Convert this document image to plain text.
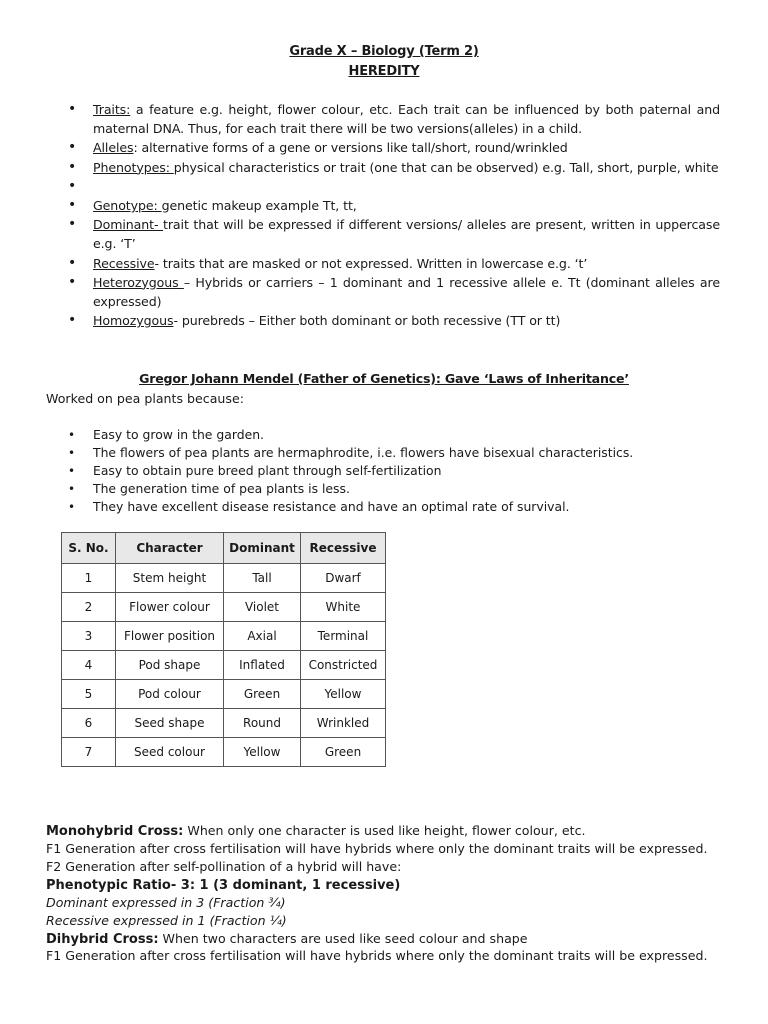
Grade X – Biology (Term 2)
HEREDITY
• Traits: a feature e.g. height, flower colour, etc. Each trait can be influenced by both paternal and maternal DNA. Thus, for each trait there will be two versions(alleles) in a child.
• Alleles: alternative forms of a gene or versions like tall/short, round/wrinkled
• Phenotypes: physical characteristics or trait (one that can be observed) e.g. Tall, short, purple, white
•
• Genotype: genetic makeup example Tt, tt,
• Dominant- trait that will be expressed if different versions/ alleles are present, written in uppercase e.g. ‘T’
• Recessive- traits that are masked or not expressed. Written in lowercase e.g. ‘t’
• Heterozygous – Hybrids or carriers – 1 dominant and 1 recessive allele e. Tt (dominant alleles are expressed)
• Homozygous- purebreds – Either both dominant or both recessive (TT or tt)
Gregor Johann Mendel (Father of Genetics): Gave ‘Laws of Inheritance’
Worked on pea plants because:
• Easy to grow in the garden.
• The flowers of pea plants are hermaphrodite, i.e. flowers have bisexual characteristics.
• Easy to obtain pure breed plant through self-fertilization
• The generation time of pea plants is less.
• They have excellent disease resistance and have an optimal rate of survival.
S. No.	Character	Dominant	Recessive
1	Stem height	Tall	Dwarf
2	Flower colour	Violet	White
3	Flower position	Axial	Terminal
4	Pod shape	Inflated	Constricted
5	Pod colour	Green	Yellow
6	Seed shape	Round	Wrinkled
7	Seed colour	Yellow	Green
Monohybrid Cross: When only one character is used like height, flower colour, etc.
F1 Generation after cross fertilisation will have hybrids where only the dominant traits will be expressed.
F2 Generation after self-pollination of a hybrid will have:
Phenotypic Ratio- 3: 1 (3 dominant, 1 recessive)
Dominant expressed in 3 (Fraction ¾)
Recessive expressed in 1 (Fraction ¼)
Dihybrid Cross: When two characters are used like seed colour and shape
F1 Generation after cross fertilisation will have hybrids where only the dominant traits will be expressed.
